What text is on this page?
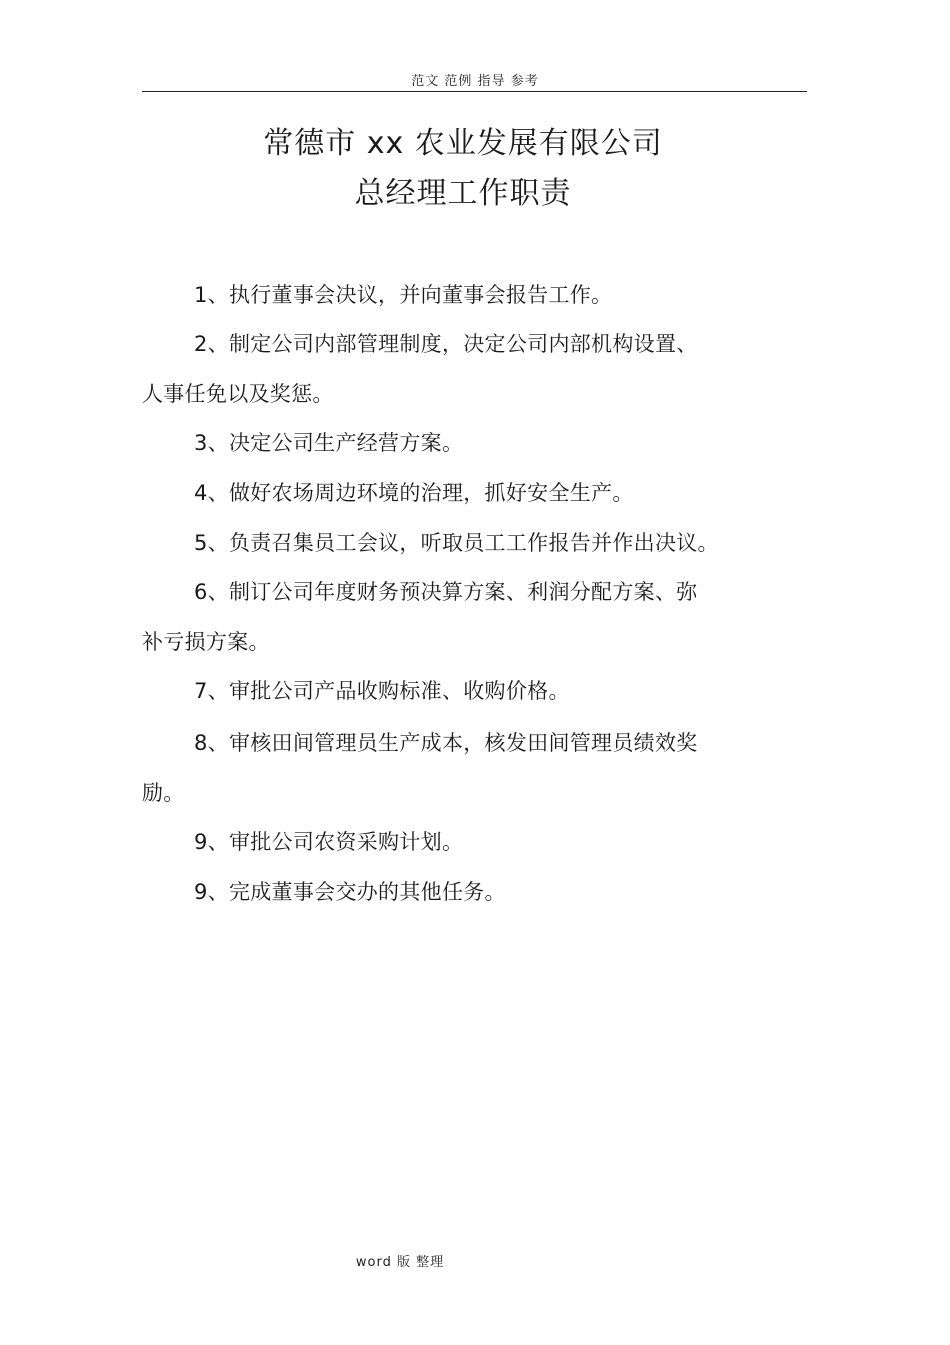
范文 范例 指导 参考
常德市 xx 农业发展有限公司
总经理工作职责
1、执行董事会决议，并向董事会报告工作。
2、制定公司内部管理制度，决定公司内部机构设置、
人事任免以及奖惩。
3、决定公司生产经营方案。
4、做好农场周边环境的治理，抓好安全生产。
5、负责召集员工会议，听取员工工作报告并作出决议。
6、制订公司年度财务预决算方案、利润分配方案、弥
补亏损方案。
7、审批公司产品收购标准、收购价格。
8、审核田间管理员生产成本，核发田间管理员绩效奖
励。
9、审批公司农资采购计划。
9、完成董事会交办的其他任务。
word 版 整理
